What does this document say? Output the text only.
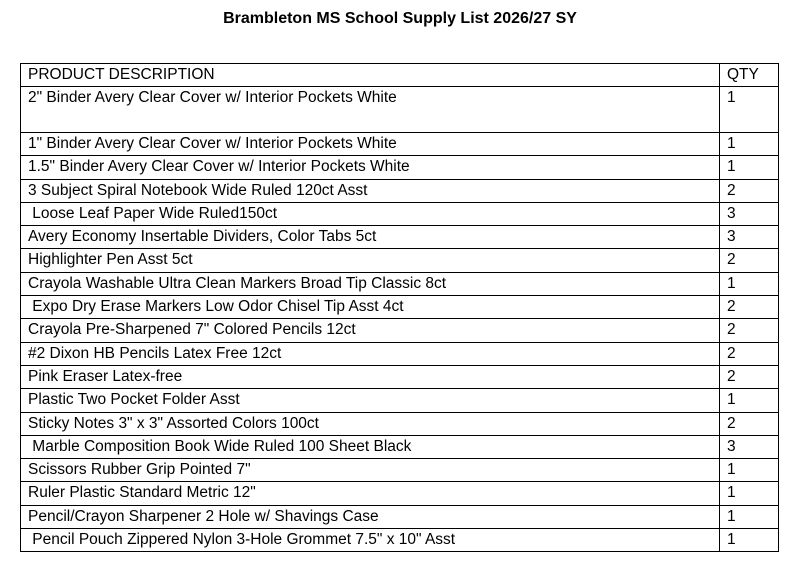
Brambleton MS School Supply List 2026/27 SY
PRODUCT DESCRIPTION	QTY
2" Binder Avery Clear Cover w/ Interior Pockets White	1
1" Binder Avery Clear Cover w/ Interior Pockets White	1
1.5" Binder Avery Clear Cover w/ Interior Pockets White	1
3 Subject Spiral Notebook Wide Ruled 120ct Asst	2
Loose Leaf Paper Wide Ruled150ct	3
Avery Economy Insertable Dividers, Color Tabs 5ct	3
Highlighter Pen Asst 5ct	2
Crayola Washable Ultra Clean Markers Broad Tip Classic 8ct	1
Expo Dry Erase Markers Low Odor Chisel Tip Asst 4ct	2
Crayola Pre-Sharpened 7" Colored Pencils 12ct	2
#2 Dixon HB Pencils Latex Free 12ct	2
Pink Eraser Latex-free	2
Plastic Two Pocket Folder Asst	1
Sticky Notes 3" x 3" Assorted Colors 100ct	2
Marble Composition Book Wide Ruled 100 Sheet Black	3
Scissors Rubber Grip Pointed 7"	1
Ruler Plastic Standard Metric 12"	1
Pencil/Crayon Sharpener 2 Hole w/ Shavings Case	1
Pencil Pouch Zippered Nylon 3-Hole Grommet 7.5" x 10" Asst	1
